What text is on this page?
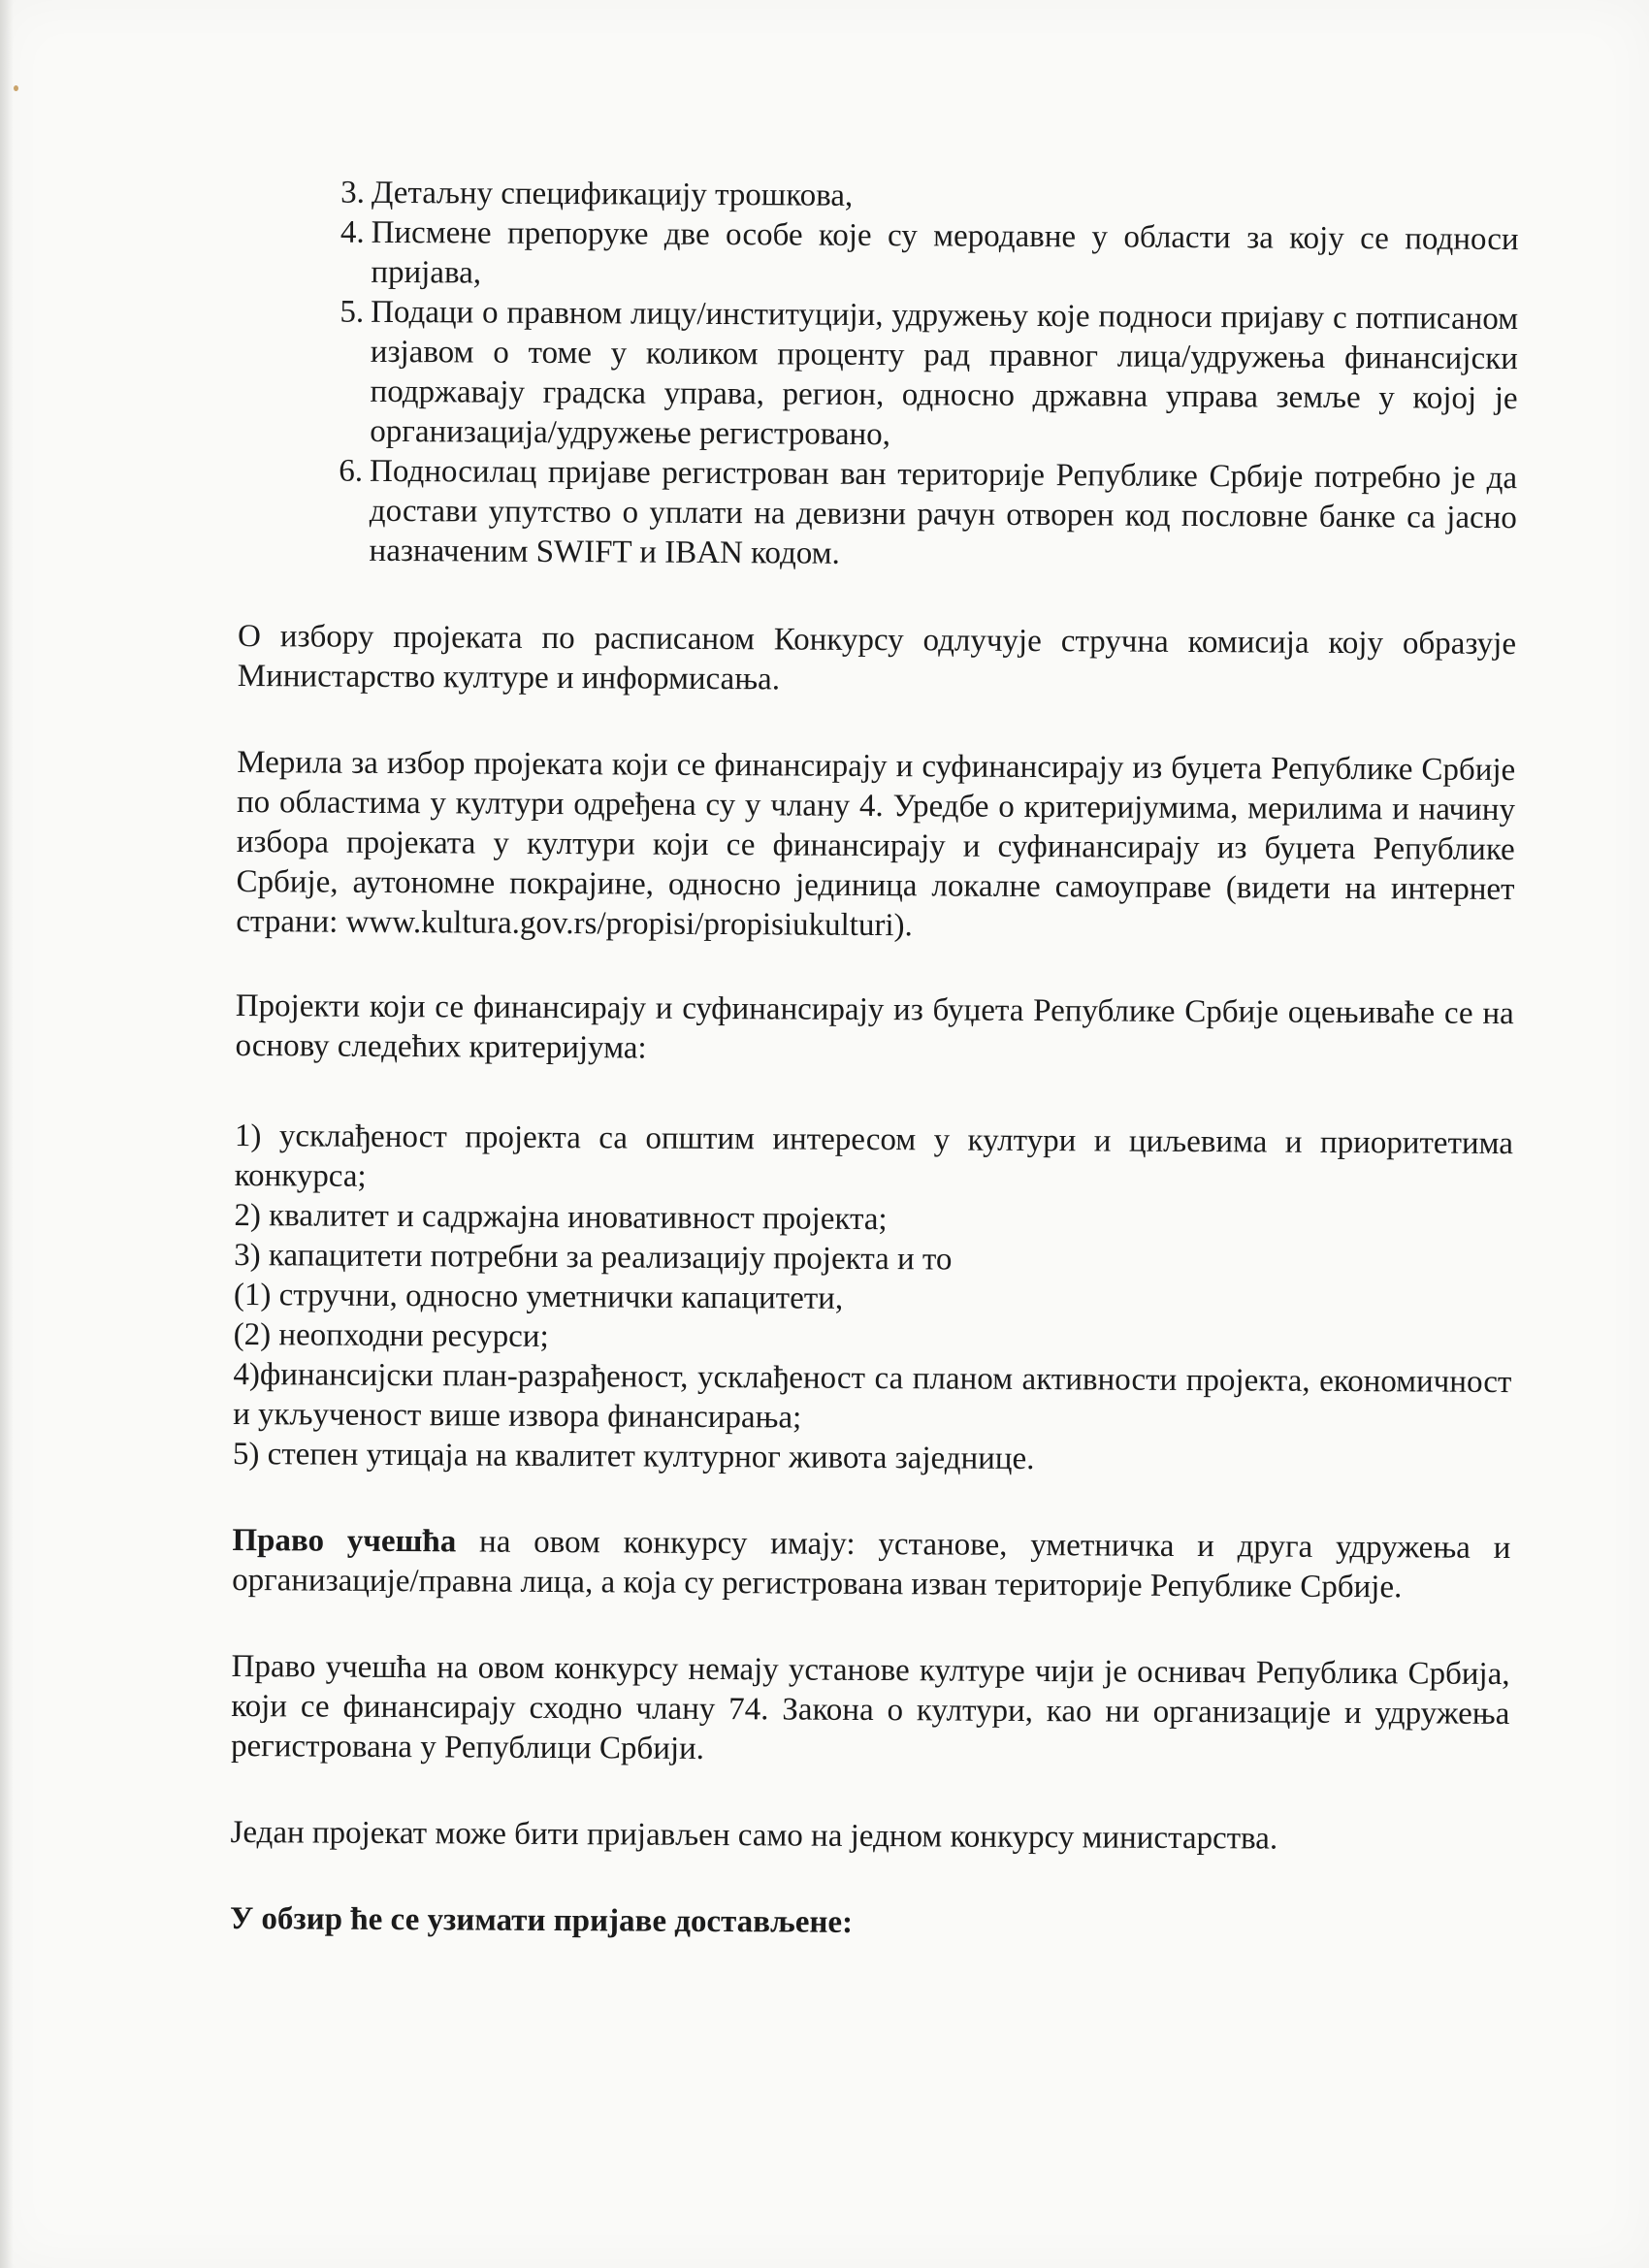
3. Детаљну спецификацију трошкова,
4. Писмене препоруке две особе које су меродавне у области за коју се подноси пријава,
5. Подаци о правном лицу/институцији, удружењу које подноси пријаву с потписаном изјавом о томе у коликом проценту рад правног лица/удружења финансијски подржавају градска управа, регион, односно државна управа земље у којој је организација/удружење регистровано,
6. Подносилац пријаве регистрован ван територије Републике Србије потребно је да достави упутство о уплати на девизни рачун отворен код пословне банке са јасно назначеним SWIFT и IBAN кодом.

О избору пројеката по расписаном Конкурсу одлучује стручна комисија коју образује Министарство културе и информисања.

Мерила за избор пројеката који се финансирају и суфинансирају из буџета Републике Србије по областима у култури одређена су у члану 4. Уредбе о критеријумима, мерилима и начину избора пројеката у култури који се финансирају и суфинансирају из буџета Републике Србије, аутономне покрајине, односно јединица локалне самоуправе (видети на интернет страни: www.kultura.gov.rs/propisi/propisiukulturi).

Пројекти који се финансирају и суфинансирају из буџета Републике Србије оцењиваће се на основу следећих критеријума:

1) усклађеност пројекта са општим интересом у култури и циљевима и приоритетима конкурса;
2) квалитет и садржајна иновативност пројекта;
3) капацитети потребни за реализацију пројекта и то
(1) стручни, односно уметнички капацитети,
(2) неопходни ресурси;
4)финансијски план-разрађеност, усклађеност са планом активности пројекта, економичност и укљученост више извора финансирања;
5) степен утицаја на квалитет културног живота заједнице.

Право учешћа на овом конкурсу имају: установе, уметничка и друга удружења и организације/правна лица, а која су регистрована изван територије Републике Србије.

Право учешћа на овом конкурсу немају установе културе чији је оснивач Република Србија, који се финансирају сходно члану 74. Закона о култури, као ни организације и удружења регистрована у Републици Србији.

Један пројекат може бити пријављен само на једном конкурсу министарства.

У обзир ће се узимати пријаве достављене:
